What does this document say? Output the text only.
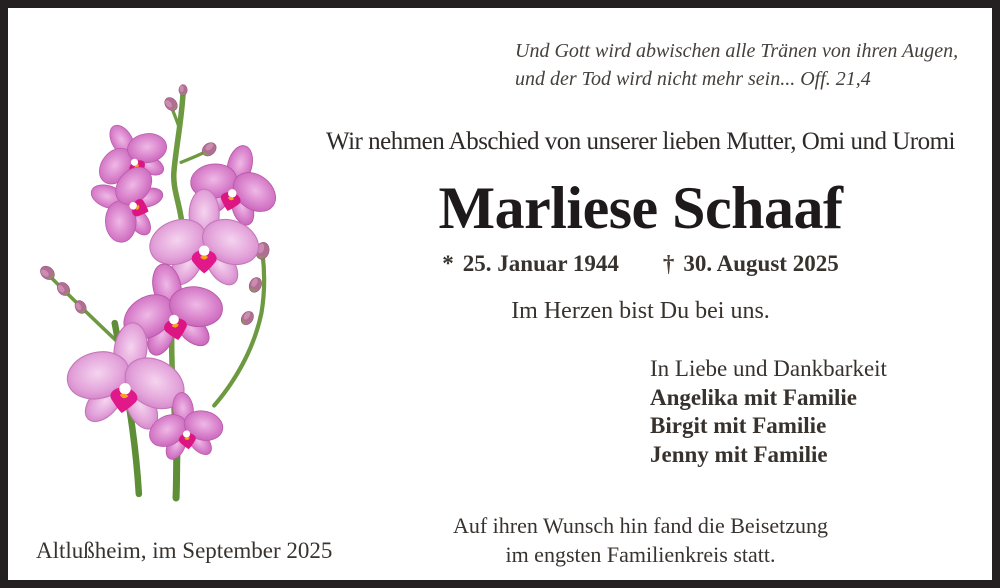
Und Gott wird abwischen alle Tränen von ihren Augen,
und der Tod wird nicht mehr sein... Off. 21,4
Wir nehmen Abschied von unserer lieben Mutter, Omi und Uromi
Marliese Schaaf
* 25. Januar 1944 † 30. August 2025
Im Herzen bist Du bei uns.
In Liebe und Dankbarkeit
Angelika mit Familie
Birgit mit Familie
Jenny mit Familie
Auf ihren Wunsch hin fand die Beisetzung
im engsten Familienkreis statt.
Altlußheim, im September 2025
